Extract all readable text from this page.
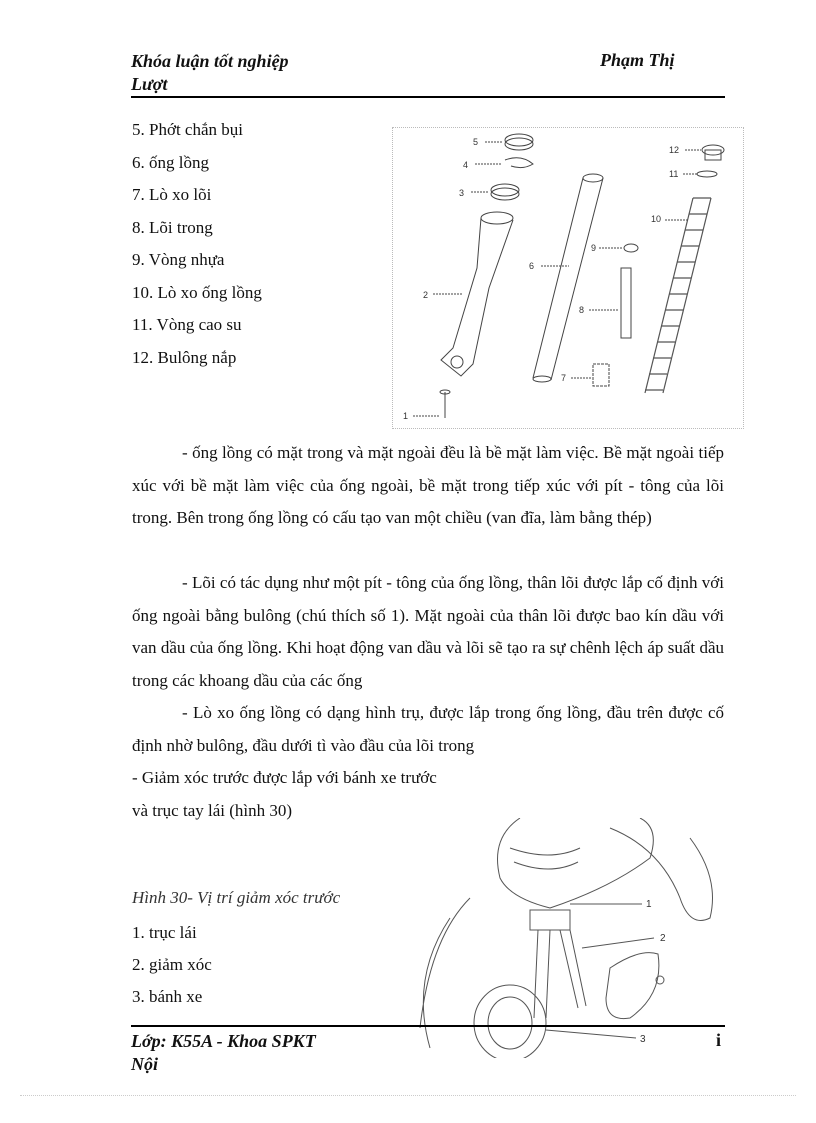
Khóa luận tốt nghiệp
Lượt
Phạm Thị
5. Phớt chắn bụi
6. ống lồng
7. Lò xo lõi
8. Lõi trong
9. Vòng nhựa
10. Lò xo ống lồng
11. Vòng cao su
12. Bulông nắp
5
4
3
2
1
6
9
8
7
10
11
12

- ống lồng có mặt trong và mặt ngoài đều là bề mặt làm việc. Bề mặt ngoài tiếp xúc với bề mặt làm việc của ống ngoài, bề mặt trong tiếp xúc với pít - tông của lõi trong. Bên trong ống lồng có cấu tạo van một chiều (van đĩa, làm bằng thép)

- Lõi có tác dụng như một pít - tông của ống lồng, thân lõi được lắp cố định với ống ngoài bằng bulông (chú thích số 1). Mặt ngoài của thân lõi được bao kín dầu với van dầu của ống lồng. Khi hoạt động van dầu và lõi sẽ tạo ra sự chênh lệch áp suất dầu trong các khoang dầu của các ống

- Lò xo ống lồng có dạng hình trụ, được lắp trong ống lồng, đầu trên được cố định nhờ bulông, đầu dưới tì vào đầu của lõi trong

- Giảm xóc trước được lắp với bánh xe trước

và trục tay lái (hình 30)

1
2
3
Hình 30- Vị trí giảm xóc trước
1. trục lái
2. giảm xóc
3. bánh xe
Lớp: K55A - Khoa SPKT
Nội
i
